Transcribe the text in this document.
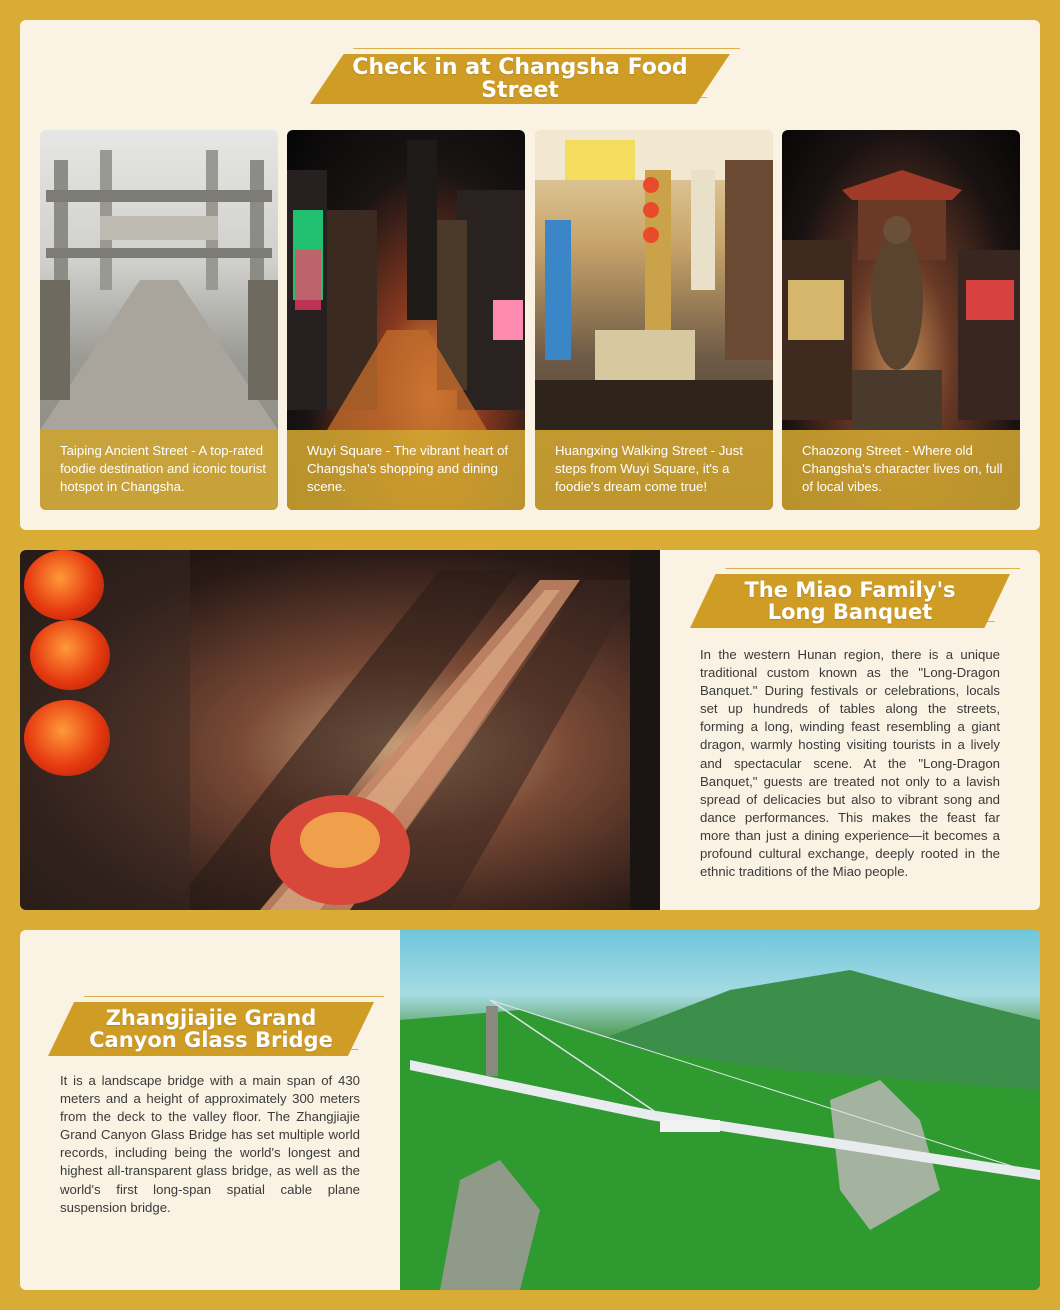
Check in at Changsha Food Street
Taiping Ancient Street - A top-rated foodie destination and iconic tourist hotspot in Changsha.
Wuyi Square - The vibrant heart of Changsha's shopping and dining scene.
Huangxing Walking Street - Just steps from Wuyi Square, it's a foodie's dream come true!
Chaozong Street - Where old Changsha's character lives on, full of local vibes.
The Miao Family's Long Banquet

In the western Hunan region, there is a unique traditional custom known as the "Long-Dragon Banquet." During festivals or celebrations, locals set up hundreds of tables along the streets, forming a long, winding feast resembling a giant dragon, warmly hosting visiting tourists in a lively and spectacular scene. At the "Long-Dragon Banquet," guests are treated not only to a lavish spread of delicacies but also to vibrant song and dance performances. This makes the feast far more than just a dining experience—it becomes a profound cultural exchange, deeply rooted in the ethnic traditions of the Miao people.

Zhangjiajie Grand Canyon Glass Bridge

It is a landscape bridge with a main span of 430 meters and a height of approximately 300 meters from the deck to the valley floor. The Zhangjiajie Grand Canyon Glass Bridge has set multiple world records, including being the world's longest and highest all-transparent glass bridge, as well as the world's first long-span spatial cable plane suspension bridge.
